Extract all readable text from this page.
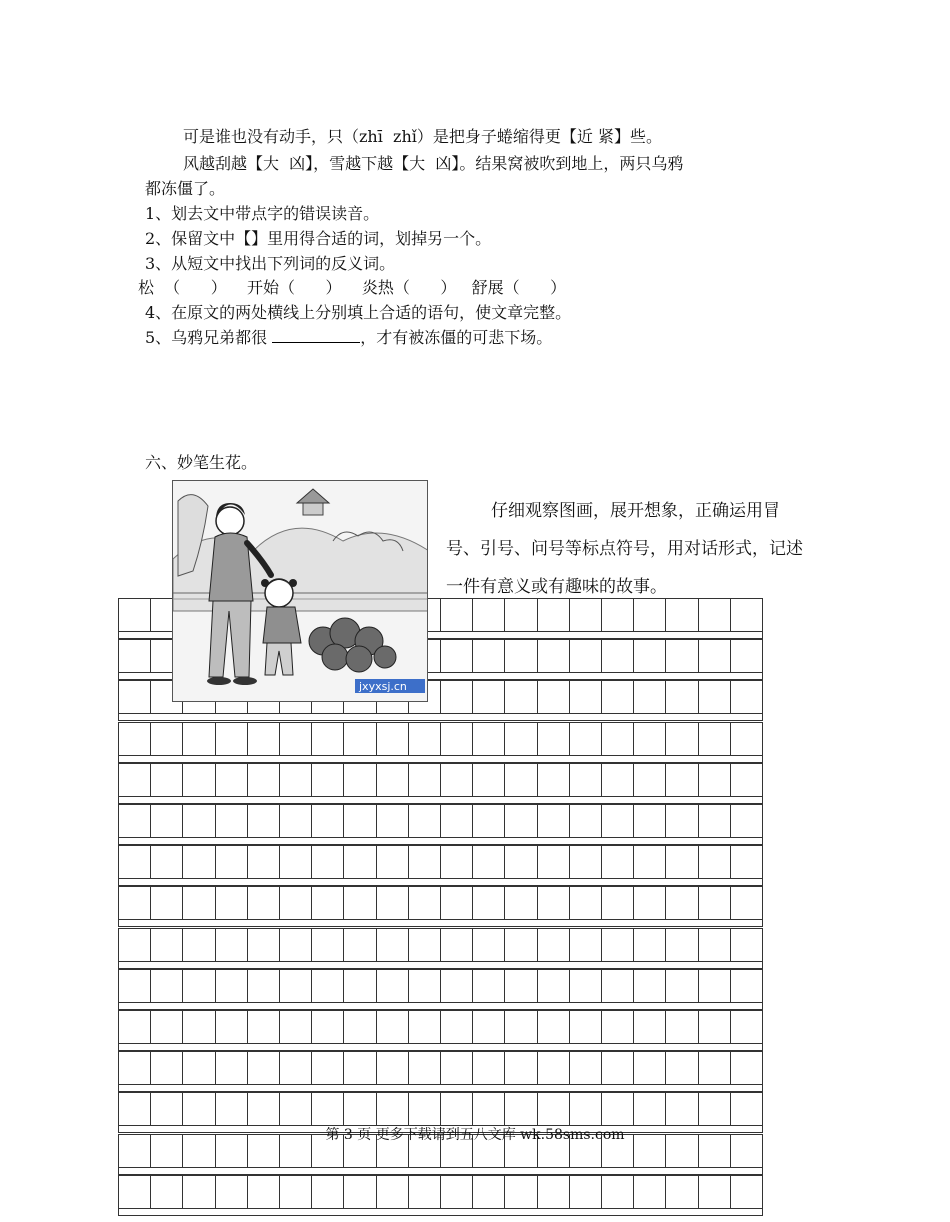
可是谁也没有动手，只（zhī  zhǐ）是把身子蜷缩得更【近 紧】些。

风越刮越【大  凶】，雪越下越【大  凶】。结果窝被吹到地上，两只乌鸦

都冻僵了。

1、划去文中带点字的错误读音。

2、保留文中【】里用得合适的词，划掉另一个。

3、从短文中找出下列词的反义词。

松  （      ）    开始（      ）    炎热（      ）   舒展（      ）

4、在原文的两处横线上分别填上合适的语句，使文章完整。

5、乌鸦兄弟都很	，才有被冻僵的可悲下场。

六、妙笔生花。

jxyxsj.cn

仔细观察图画，展开想象，正确运用冒号、引号、问号等标点符号，用对话形式，记述一件有意义或有趣味的故事。

第 3 页 更多下载请到五八文库 wk.58sms.com
